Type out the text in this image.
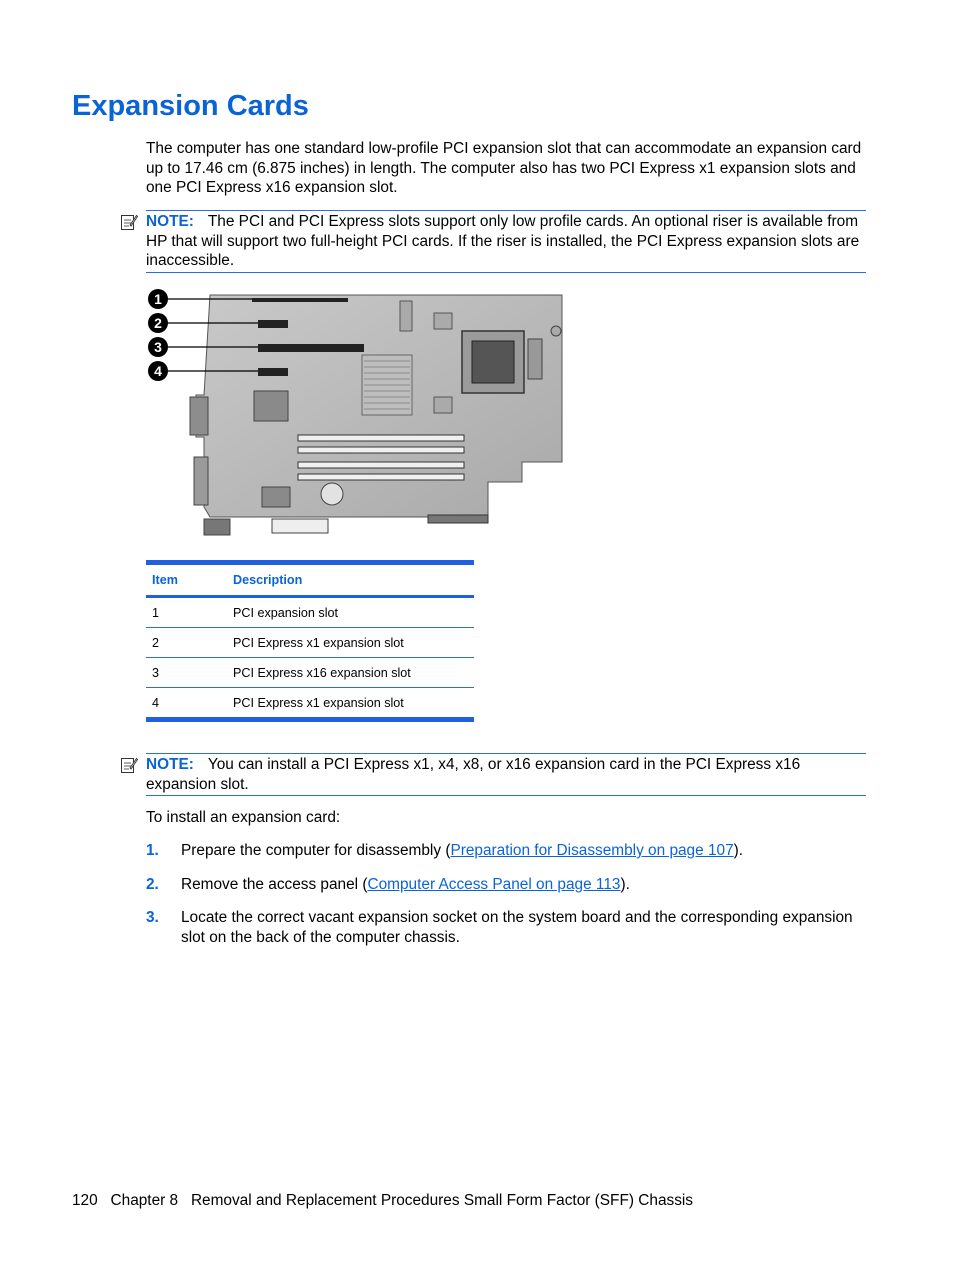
Expansion Cards

The computer has one standard low-profile PCI expansion slot that can accommodate an expansion card up to 17.46 cm (6.875 inches) in length. The computer also has two PCI Express x1 expansion slots and one PCI Express x16 expansion slot.

NOTE: The PCI and PCI Express slots support only low profile cards. An optional riser is available from HP that will support two full-height PCI cards. If the riser is installed, the PCI Express expansion slots are inaccessible.
1
2
3
4
Item	Description
1	PCI expansion slot
2	PCI Express x1 expansion slot
3	PCI Express x16 expansion slot
4	PCI Express x1 expansion slot
NOTE: You can install a PCI Express x1, x4, x8, or x16 expansion card in the PCI Express x16 expansion slot.

To install an expansion card:

1. Prepare the computer for disassembly (Preparation for Disassembly on page 107).
2. Remove the access panel (Computer Access Panel on page 113).
3. Locate the correct vacant expansion socket on the system board and the corresponding expansion slot on the back of the computer chassis.
120 Chapter 8 Removal and Replacement Procedures Small Form Factor (SFF) Chassis
